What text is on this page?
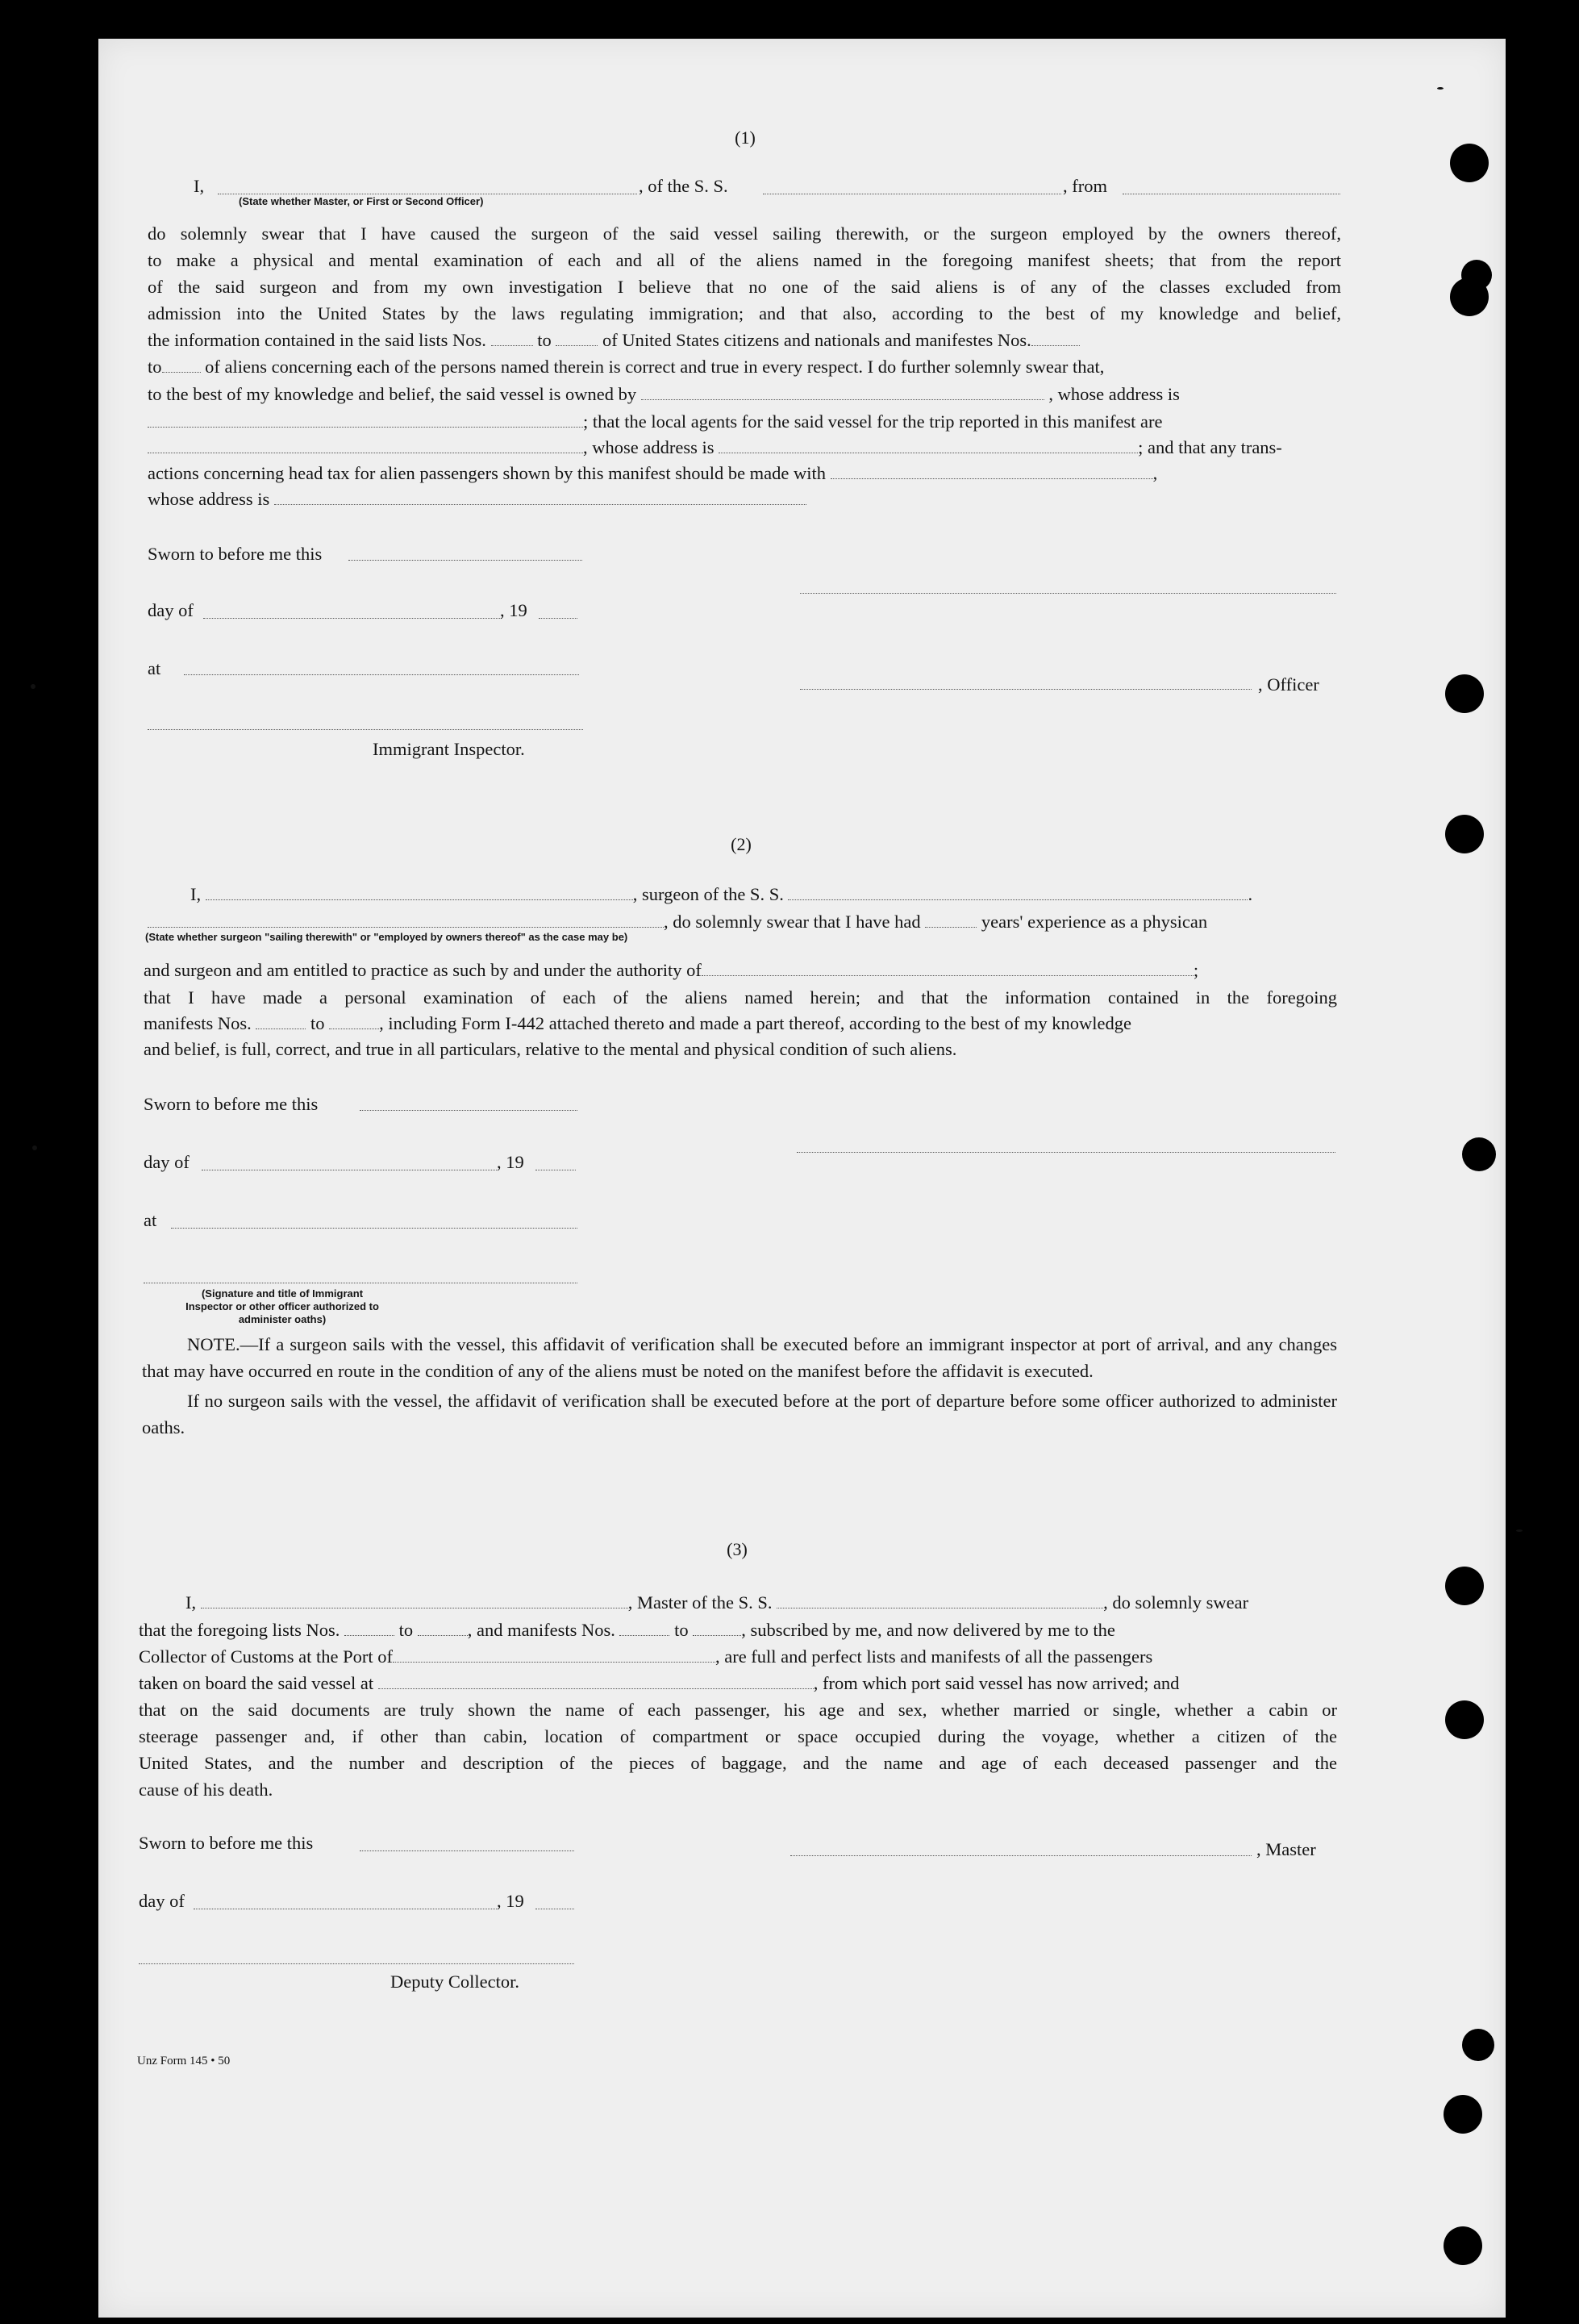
(1)
I,	, of the S. S.	, from
(State whether Master, or First or Second Officer)
do solemnly swear that I have caused the surgeon of the said vessel sailing therewith, or the surgeon employed by the owners thereof,
to make a physical and mental examination of each and all of the aliens named in the foregoing manifest sheets; that from the report
of the said surgeon and from my own investigation I believe that no one of the said aliens is of any of the classes excluded from
admission into the United States by the laws regulating immigration; and that also, according to the best of my knowledge and belief,
the information contained in the said lists Nos.	to	of United States citizens and nationals and manifestes Nos.
to of aliens concerning each of the persons named therein is correct and true in every respect. I do further solemnly swear that,
to the best of my knowledge and belief, the said vessel is owned by	, whose address is
; that the local agents for the said vessel for the trip reported in this manifest are
, whose address is	; and that any trans-
actions concerning head tax for alien passengers shown by this manifest should be made with	,
whose address is
Sworn to before me this
day of	, 19
at
, Officer
Immigrant Inspector.
(2)
I,	, surgeon of the S. S.	.
, do solemnly swear that I have had	years' experience as a physican
(State whether surgeon "sailing therewith" or "employed by owners thereof" as the case may be)
and surgeon and am entitled to practice as such by and under the authority of	;
that I have made a personal examination of each of the aliens named herein; and that the information contained in the foregoing
manifests Nos.	to	, including Form I-442 attached thereto and made a part thereof, according to the best of my knowledge
and belief, is full, correct, and true in all particulars, relative to the mental and physical condition of such aliens.
Sworn to before me this
day of	, 19
at
(Signature and title of Immigrant Inspector or other officer authorized to administer oaths)

NOTE.—If a surgeon sails with the vessel, this affidavit of verification shall be executed before an immigrant inspector at port of arrival, and any changes that may have occurred en route in the condition of any of the aliens must be noted on the manifest before the affidavit is executed.

If no surgeon sails with the vessel, the affidavit of verification shall be executed before at the port of departure before some officer authorized to administer oaths.

(3)
I,	, Master of the S. S.	, do solemnly swear
that the foregoing lists Nos.	to	, and manifests Nos.	to	, subscribed by me, and now delivered by me to the
Collector of Customs at the Port of	, are full and perfect lists and manifests of all the passengers
taken on board the said vessel at	, from which port said vessel has now arrived; and
that on the said documents are truly shown the name of each passenger, his age and sex, whether married or single, whether a cabin or
steerage passenger and, if other than cabin, location of compartment or space occupied during the voyage, whether a citizen of the
United States, and the number and description of the pieces of baggage, and the name and age of each deceased passenger and the
cause of his death.
Sworn to before me this	, Master
day of	, 19
Deputy Collector.
Unz Form 145 • 50
